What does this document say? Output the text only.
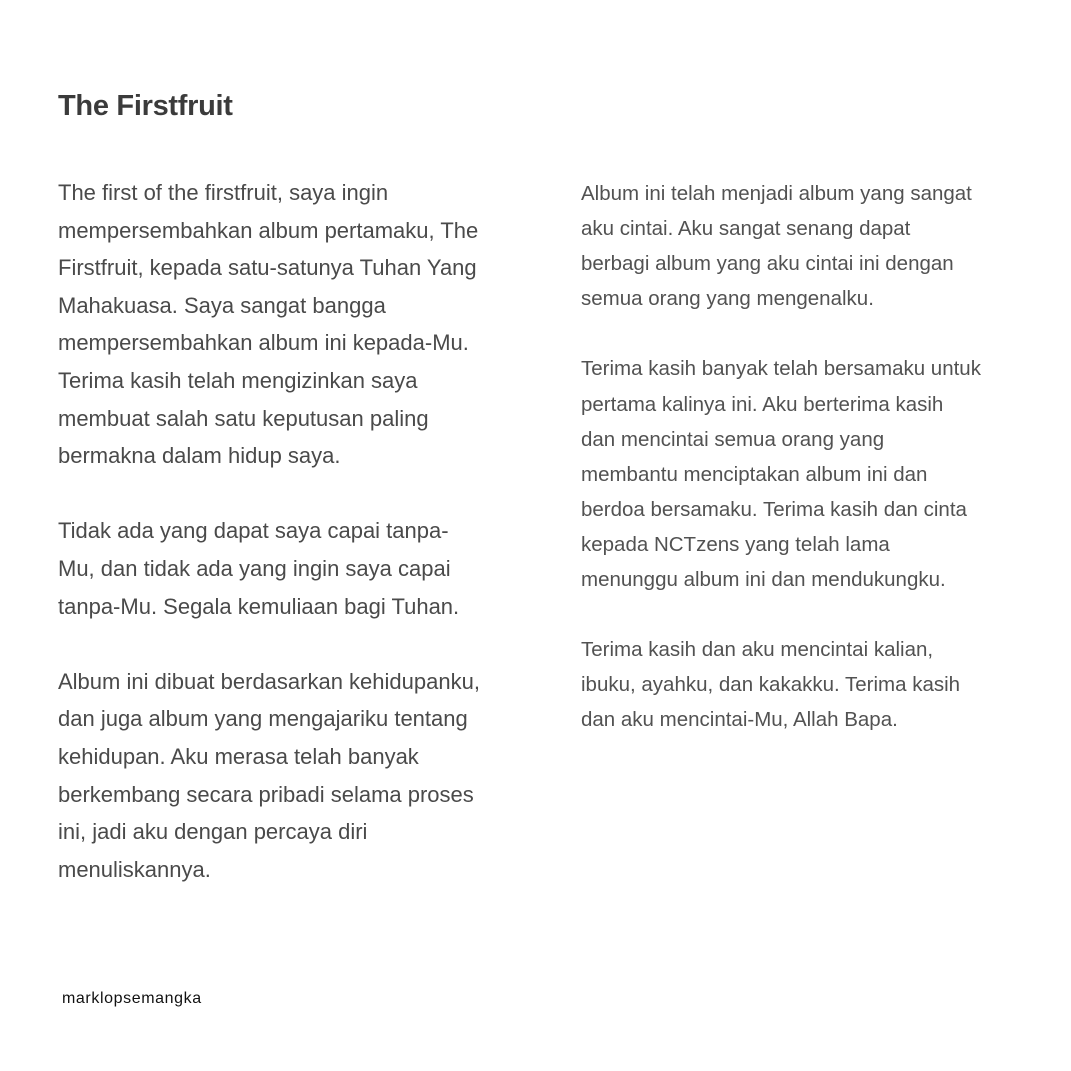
The Firstfruit

The first of the firstfruit, saya ingin
mempersembahkan album pertamaku, The
Firstfruit, kepada satu-satunya Tuhan Yang
Mahakuasa. Saya sangat bangga
mempersembahkan album ini kepada-Mu.
Terima kasih telah mengizinkan saya
membuat salah satu keputusan paling
bermakna dalam hidup saya.

Tidak ada yang dapat saya capai tanpa-
Mu, dan tidak ada yang ingin saya capai
tanpa-Mu. Segala kemuliaan bagi Tuhan.

Album ini dibuat berdasarkan kehidupanku,
dan juga album yang mengajariku tentang
kehidupan. Aku merasa telah banyak
berkembang secara pribadi selama proses
ini, jadi aku dengan percaya diri
menuliskannya.

Album ini telah menjadi album yang sangat
aku cintai. Aku sangat senang dapat
berbagi album yang aku cintai ini dengan
semua orang yang mengenalku.

Terima kasih banyak telah bersamaku untuk
pertama kalinya ini. Aku berterima kasih
dan mencintai semua orang yang
membantu menciptakan album ini dan
berdoa bersamaku. Terima kasih dan cinta
kepada NCTzens yang telah lama
menunggu album ini dan mendukungku.

Terima kasih dan aku mencintai kalian,
ibuku, ayahku, dan kakakku. Terima kasih
dan aku mencintai-Mu, Allah Bapa.

marklopsemangka
